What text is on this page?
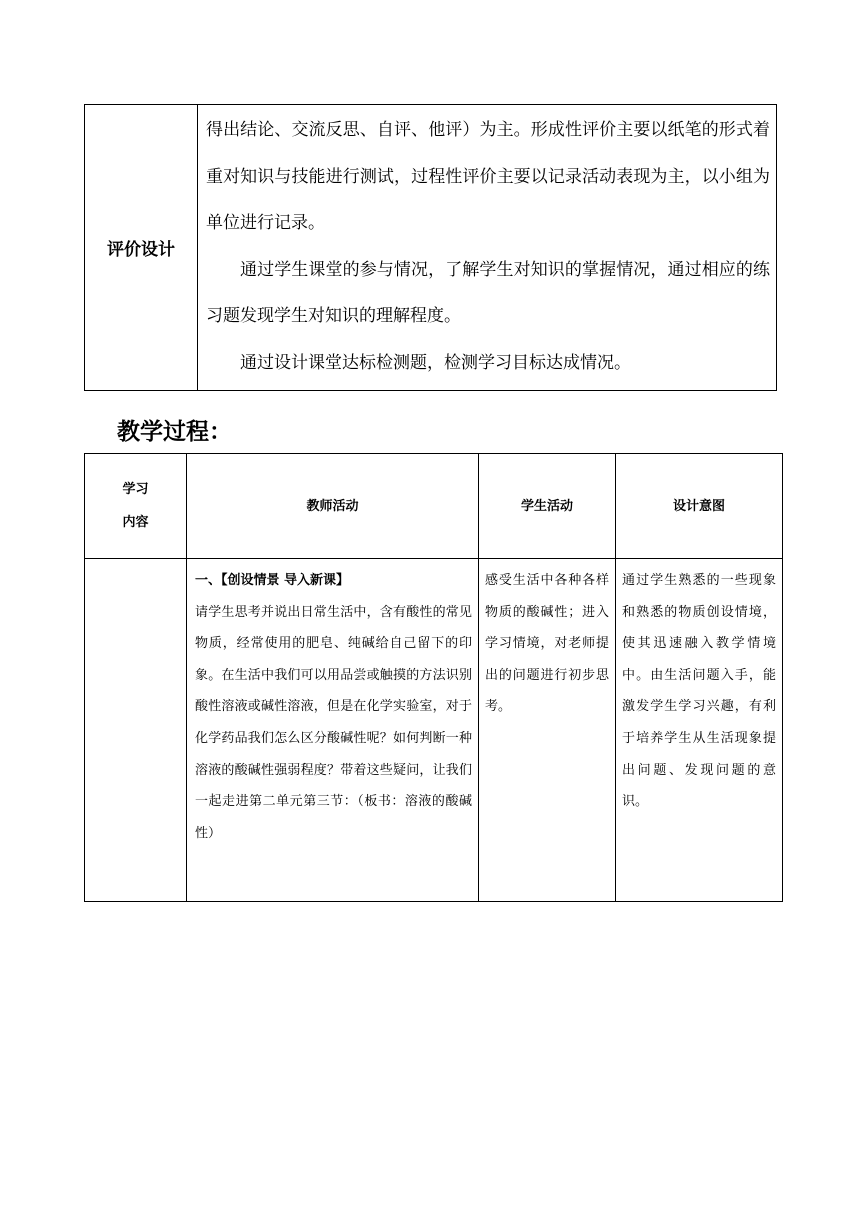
评价设计	

得出结论、交流反思、自评、他评）为主。形成性评价主要以纸笔的形式着重对知识与技能进行测试，过程性评价主要以记录活动表现为主，以小组为单位进行记录。

通过学生课堂的参与情况，了解学生对知识的掌握情况，通过相应的练习题发现学生对知识的理解程度。

通过设计课堂达标检测题，检测学习目标达成情况。

教学过程：
学习
内容	教师活动	学生活动	设计意图

	一、【创设情景 导入新课】

请学生思考并说出日常生活中，含有酸性的常见物质，经常使用的肥皂、纯碱给自己留下的印象。在生活中我们可以用品尝或触摸的方法识别酸性溶液或碱性溶液，但是在化学实验室，对于化学药品我们怎么区分酸碱性呢？如何判断一种溶液的酸碱性强弱程度？带着这些疑问，让我们一起走进第二单元第三节：（板书：溶液的酸碱性）	感受生活中各种各样物质的酸碱性；进入学习情境，对老师提出的问题进行初步思考。	通过学生熟悉的一些现象和熟悉的物质创设情境，使其迅速融入教学情境中。由生活问题入手，能激发学生学习兴趣，有利于培养学生从生活现象提出问题、发现问题的意识。
